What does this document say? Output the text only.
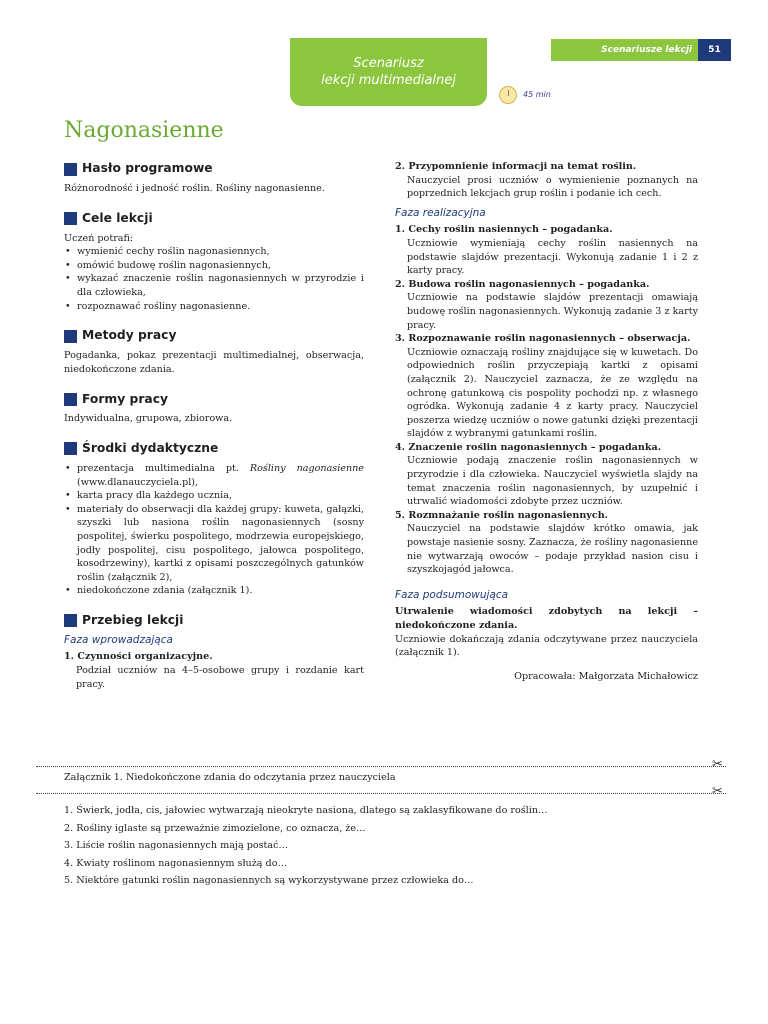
Scenariusz
lekcji multimedialnej
Scenariusze lekcji	51
45 min
Nagonasienne
Hasło programowe

Różnorodność i jedność roślin. Rośliny nagonasienne.

Cele lekcji

Uczeń potrafi:

• wymienić cechy roślin nagonasiennych,
• omówić budowę roślin nagonasiennych,
• wykazać znaczenie roślin nagonasiennych w przyrodzie i dla człowieka,
• rozpoznawać rośliny nagonasienne.
Metody pracy

Pogadanka, pokaz prezentacji multimedialnej, obserwacja, niedokończone zdania.

Formy pracy

Indywidualna, grupowa, zbiorowa.

Środki dydaktyczne
• prezentacja multimedialna pt. Rośliny nagonasienne (www.dlanauczyciela.pl),
• karta pracy dla każdego ucznia,
• materiały do obserwacji dla każdej grupy: kuweta, gałązki, szyszki lub nasiona roślin nagonasiennych (sosny pospolitej, świerku pospolitego, modrzewia europejskiego, jodły pospolitej, cisu pospolitego, jałowca pospolitego, kosodrzewiny), kartki z opisami poszczególnych gatunków roślin (załącznik 2),
• niedokończone zdania (załącznik 1).
Przebieg lekcji
Faza wprowadzająca

1. Czynności organizacyjne.

Podział uczniów na 4–5-osobowe grupy i rozdanie kart pracy.

2. Przypomnienie informacji na temat roślin.

Nauczyciel prosi uczniów o wymienienie poznanych na poprzednich lekcjach grup roślin i podanie ich cech.

Faza realizacyjna

1. Cechy roślin nasiennych – pogadanka.

Uczniowie wymieniają cechy roślin nasiennych na podstawie slajdów prezentacji. Wykonują zadanie 1 i 2 z karty pracy.

2. Budowa roślin nagonasiennych – pogadanka.

Uczniowie na podstawie slajdów prezentacji omawiają budowę roślin nagonasiennych. Wykonują zadanie 3 z karty pracy.

3. Rozpoznawanie roślin nagonasiennych – obserwacja.

Uczniowie oznaczają rośliny znajdujące się w kuwetach. Do odpowiednich roślin przyczepiają kartki z opisami (załącznik 2). Nauczyciel zaznacza, że ze względu na ochronę gatunkową cis pospolity pochodzi np. z własnego ogródka. Wykonują zadanie 4 z karty pracy. Nauczyciel poszerza wiedzę uczniów o nowe gatunki dzięki prezentacji slajdów z wybranymi gatunkami roślin.

4. Znaczenie roślin nagonasiennych – pogadanka.

Uczniowie podają znaczenie roślin nagonasiennych w przyrodzie i dla człowieka. Nauczyciel wyświetla slajdy na temat znaczenia roślin nagonasiennych, by uzupełnić i utrwalić wiadomości zdobyte przez uczniów.

5. Rozmnażanie roślin nagonasiennych.

Nauczyciel na podstawie slajdów krótko omawia, jak powstaje nasienie sosny. Zaznacza, że rośliny nagonasienne nie wytwarzają owoców – podaje przykład nasion cisu i szyszkojagód jałowca.

Faza podsumowująca

Utrwalenie wiadomości zdobytych na lekcji – niedokończone zdania.

Uczniowie dokańczają zdania odczytywane przez nauczyciela (załącznik 1).

Opracowała: Małgorzata Michałowicz

✂
Załącznik 1. Niedokończone zdania do odczytania przez nauczyciela
✂
1. Świerk, jodła, cis, jałowiec wytwarzają nieokryte nasiona, dlatego są zaklasyfikowane do roślin…
2. Rośliny iglaste są przeważnie zimozielone, co oznacza, że…
3. Liście roślin nagonasiennych mają postać…
4. Kwiaty roślinom nagonasiennym służą do…
5. Niektóre gatunki roślin nagonasiennych są wykorzystywane przez człowieka do…
